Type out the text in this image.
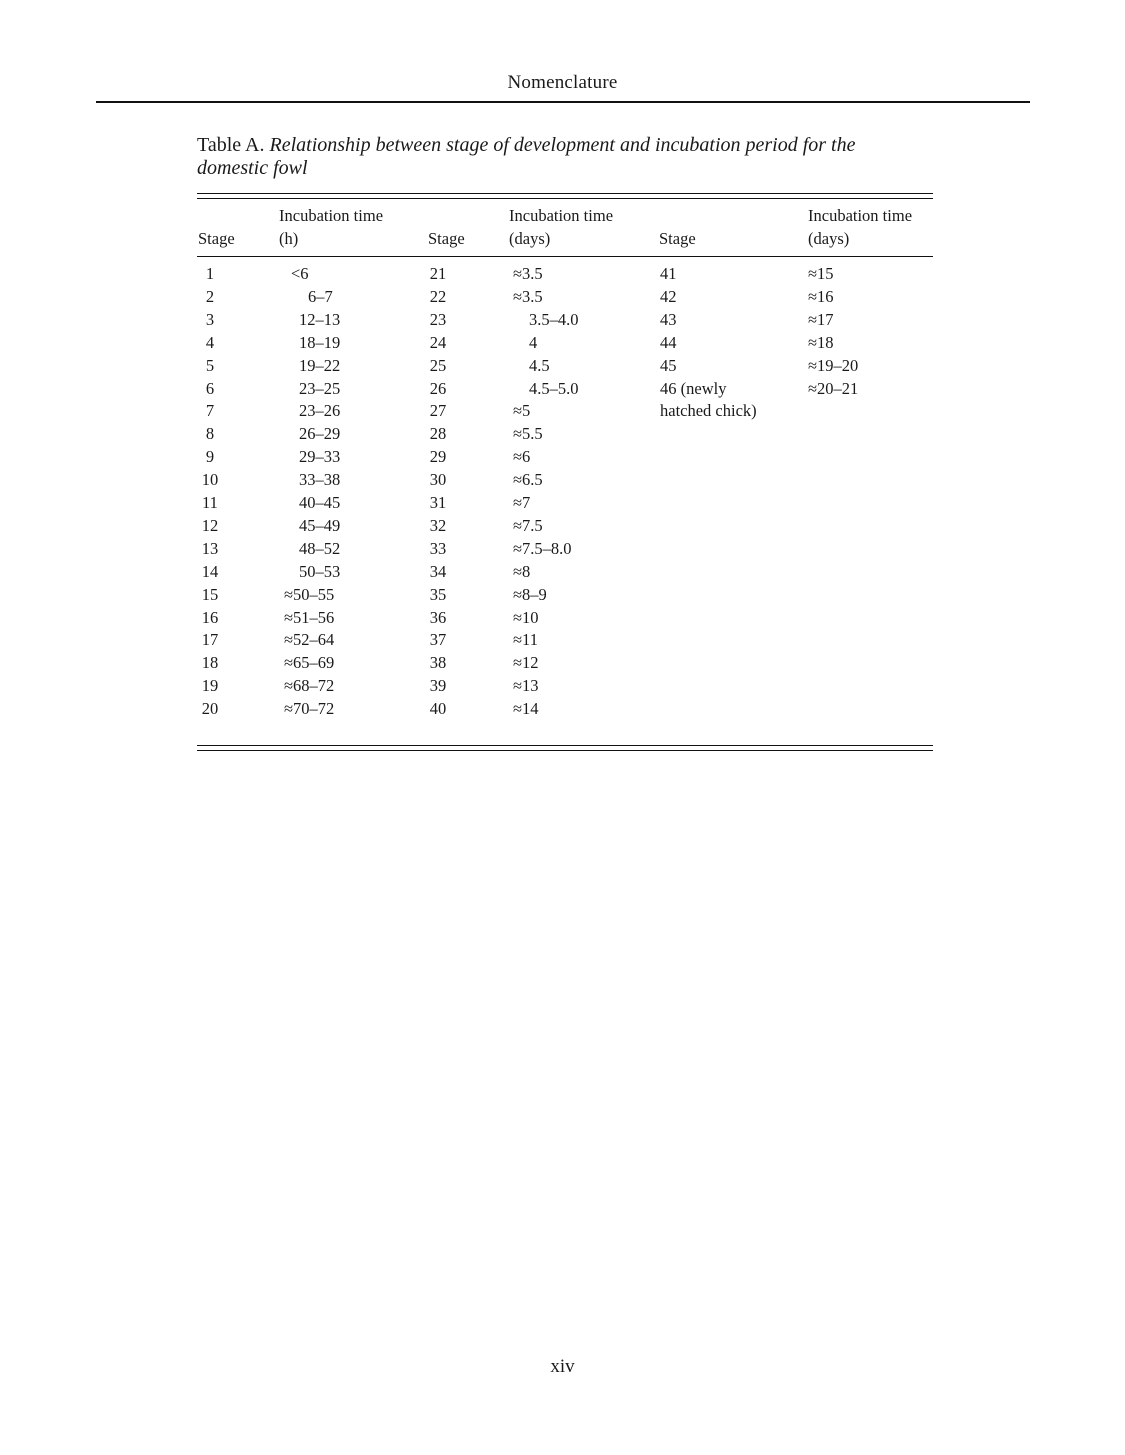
Nomenclature
Table A. Relationship between stage of development and incubation period for the domestic fowl
Incubation time	Incubation time	Incubation time
Stage	(h)	Stage	(days)	Stage	(days)
1	<6	21	≈3.5	41	≈15
2	6–7	22	≈3.5	42	≈16
3	12–13	23	3.5–4.0	43	≈17
4	18–19	24	4	44	≈18
5	19–22	25	4.5	45	≈19–20
6	23–25	26	4.5–5.0	46 (newly	≈20–21
7	23–26	27	≈5	hatched chick)
8	26–29	28	≈5.5
9	29–33	29	≈6
10	33–38	30	≈6.5
11	40–45	31	≈7
12	45–49	32	≈7.5
13	48–52	33	≈7.5–8.0
14	50–53	34	≈8
15	≈50–55	35	≈8–9
16	≈51–56	36	≈10
17	≈52–64	37	≈11
18	≈65–69	38	≈12
19	≈68–72	39	≈13
20	≈70–72	40	≈14
xiv
